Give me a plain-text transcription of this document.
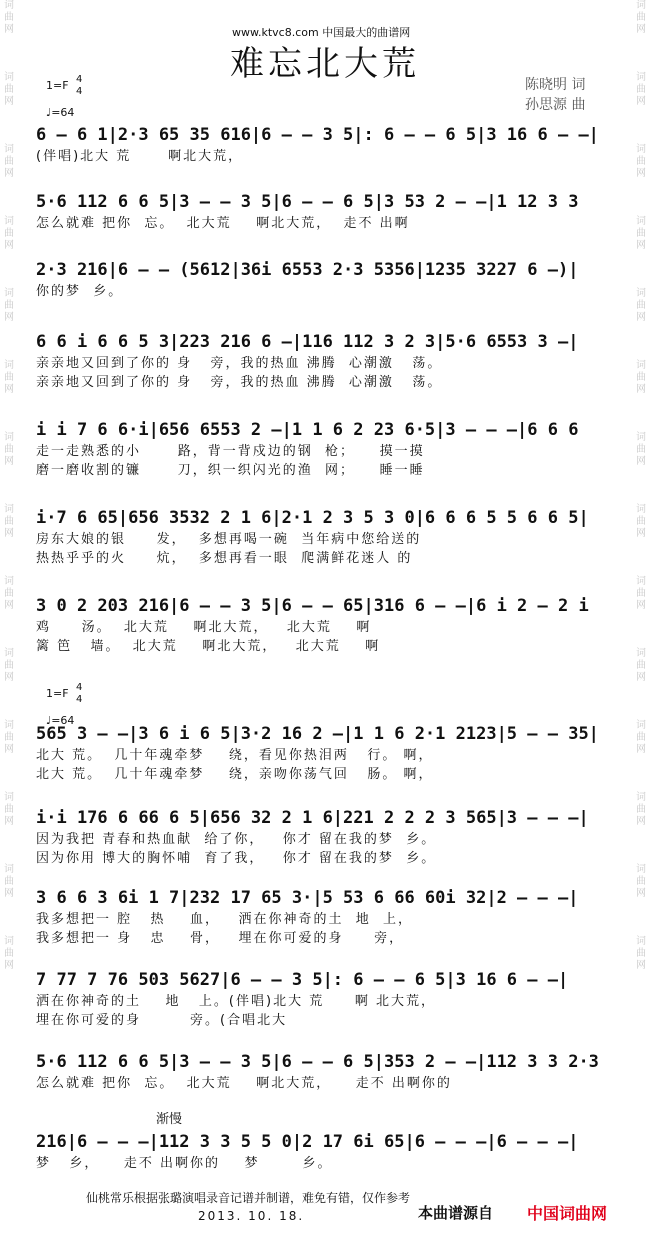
词曲网
词曲网
词曲网
词曲网
词曲网
词曲网
词曲网
词曲网
词曲网
词曲网
词曲网
词曲网
词曲网
词曲网
词曲网
词曲网
词曲网
词曲网
词曲网
词曲网
词曲网
词曲网
词曲网
词曲网
词曲网
词曲网
词曲网
词曲网
www.ktvc8.com 中国最大的曲谱网
难忘北大荒
陈晓明 词
孙思源 曲
1=F 4
4
♩=64
1=F 4
4
♩=64
6 – 6 1|2·3 65 35 616|6 – – 3 5|: 6 – – 6 5|3 16 6 – –|
(伴唱)北大 荒      啊北大荒，
5·6 112 6 6 5|3 – – 3 5|6 – – 6 5|3 53 2 – –|1 12 3 3
怎么就难 把你  忘。  北大荒    啊北大荒，  走不 出啊
2·3 216|6 – – (5612|36i 6553 2·3 5356|1235 3227 6 –)|
你的梦  乡。
6 6 i 6 6 5 3|223 216 6 –|116 112 3 2 3|5·6 6553 3 –|
亲亲地又回到了你的 身   旁，我的热血 沸腾  心潮激   荡。
亲亲地又回到了你的 身   旁，我的热血 沸腾  心潮激   荡。
i i 7 6 6·i|656 6553 2 –|1 1 6 2 23 6·5|3 – – –|6 6 6
走一走熟悉的小      路，背一背戍边的钢  枪；    摸一摸
磨一磨收割的镰      刀，织一织闪光的渔  网；    睡一睡
i·7 6 65|656 3532 2 1 6|2·1 2 3 5 3 0|6 6 6 5 5 6 6 5|
房东大娘的银     发，  多想再喝一碗  当年病中您给送的
热热乎乎的火     炕，  多想再看一眼  爬满鲜花迷人 的
3 0 2 203 216|6 – – 3 5|6 – – 65|316 6 – –|6 i 2 – 2 i
鸡     汤。  北大荒    啊北大荒，   北大荒    啊
篱 笆   墙。  北大荒    啊北大荒，   北大荒    啊
565 3 – –|3 6 i 6 5|3·2 16 2 –|1 1 6 2·1 2123|5 – – 35|
北大 荒。  几十年魂牵梦    绕，看见你热泪两   行。 啊，
北大 荒。  几十年魂牵梦    绕，亲吻你荡气回   肠。 啊，
i·i 176 6 66 6 5|656 32 2 1 6|221 2 2 2 3 565|3 – – –|
因为我把 青春和热血献  给了你，   你才 留在我的梦  乡。
因为你用 博大的胸怀哺  育了我，   你才 留在我的梦  乡。
3 6 6 3 6i 1 7|232 17 65 3·|5 53 6 66 60i 32|2 – – –|
我多想把一 腔   热    血，   洒在你神奇的土  地  上，
我多想把一 身   忠    骨，   埋在你可爱的身     旁，
7 77 7 76 503 5627|6 – – 3 5|: 6 – – 6 5|3 16 6 – –|
洒在你神奇的土    地   上。(伴唱)北大 荒     啊 北大荒，
埋在你可爱的身        旁。(合唱北大
5·6 112 6 6 5|3 – – 3 5|6 – – 6 5|353 2 – –|112 3 3 2·3
怎么就难 把你  忘。  北大荒    啊北大荒，    走不 出啊你的
216|6 – – –|112 3 3 5 5 0|2 17 6i 65|6 – – –|6 – – –|
梦   乡，    走不 出啊你的    梦       乡。
渐慢
仙桃常乐根据张璐演唱录音记谱并制谱，难免有错，仅作参考
2013. 10. 18.	本曲谱源自 中国词曲网
